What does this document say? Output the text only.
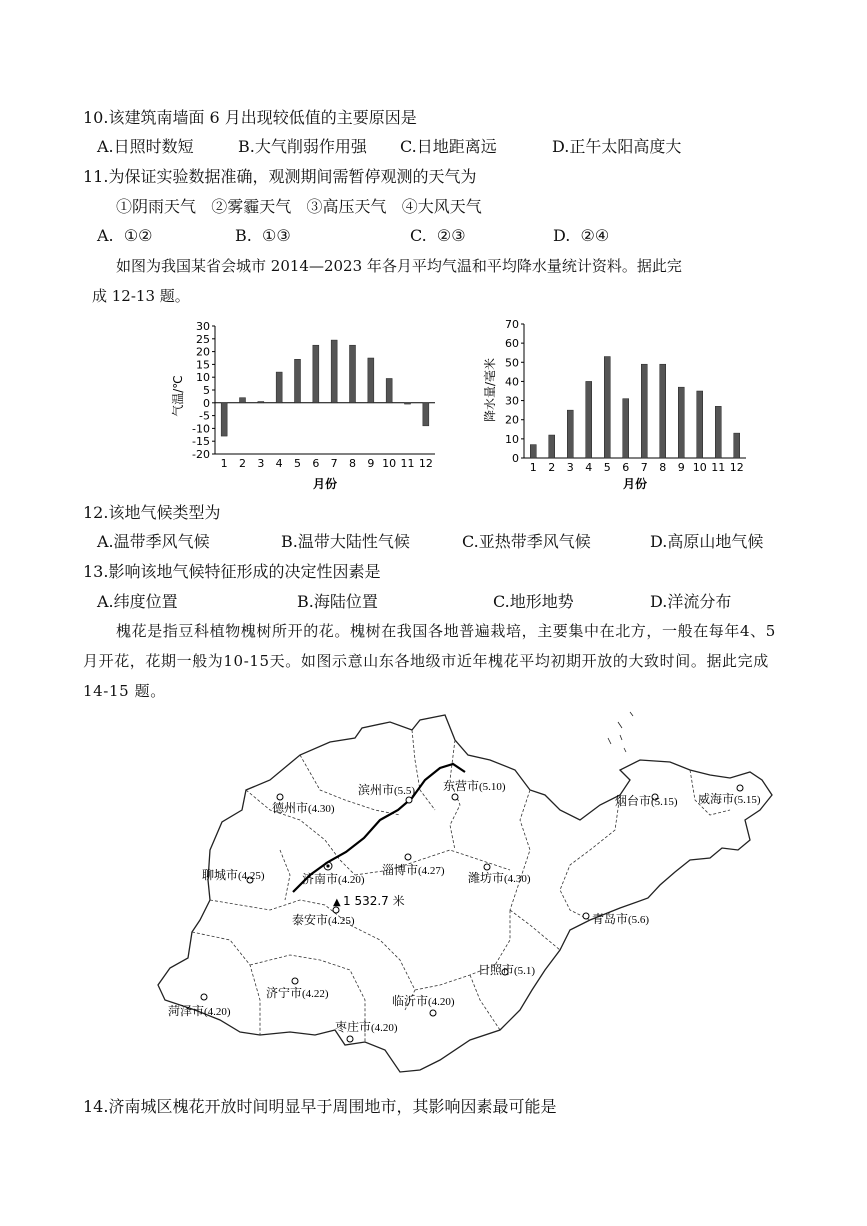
10.该建筑南墙面 6 月出现较低值的主要原因是
A.日照时数短	B.大气削弱作用强 C.日地距离远	D.正午太阳高度大
11.为保证实验数据准确，观测期间需暂停观测的天气为
①阴雨天气   ②雾霾天气   ③高压天气   ④大风天气
A.  ①②	B.  ①③	C.  ②③	D.  ②④
如图为我国某省会城市 2014—2023 年各月平均气温和平均降水量统计资料。据此完
成 12-13 题。
气温/℃
月份
30
25
20
15
10
5
0
-5
-10
-15
-20
1 2 3 4 5 6 7 8 9 10 11 12
降水量/毫米
月份
70
60
50
40
30
20
10
0
1 2 3 4 5 6 7 8 9 10 11 12
12.该地气候类型为
A.温带季风气候	B.温带大陆性气候	C.亚热带季风气候	D.高原山地气候
13.影响该地气候特征形成的决定性因素是
A.纬度位置	B.海陆位置	C.地形地势	D.洋流分布
槐花是指豆科植物槐树所开的花。槐树在我国各地普遍栽培，主要集中在北方，一般在每年4、5月开花，花期一般为10-15天。如图示意山东各地级市近年槐花平均初期开放的大致时间。据此完成 14-15 题。
德州市(4.30)
滨州市(5.5) 东营市(5.10)
烟台市(5.15) 威海市(5.15)
聊城市(4.25)	济南市(4.20)
淄博市(4.27) 潍坊市(4.30)
泰安市(4.25)	青岛市(5.6)
日照市(5.1)
菏泽市(4.20)
济宁市(4.22)	临沂市(4.20)
枣庄市(4.20)
▲ 1 532.7 米
14.济南城区槐花开放时间明显早于周围地市，其影响因素最可能是
